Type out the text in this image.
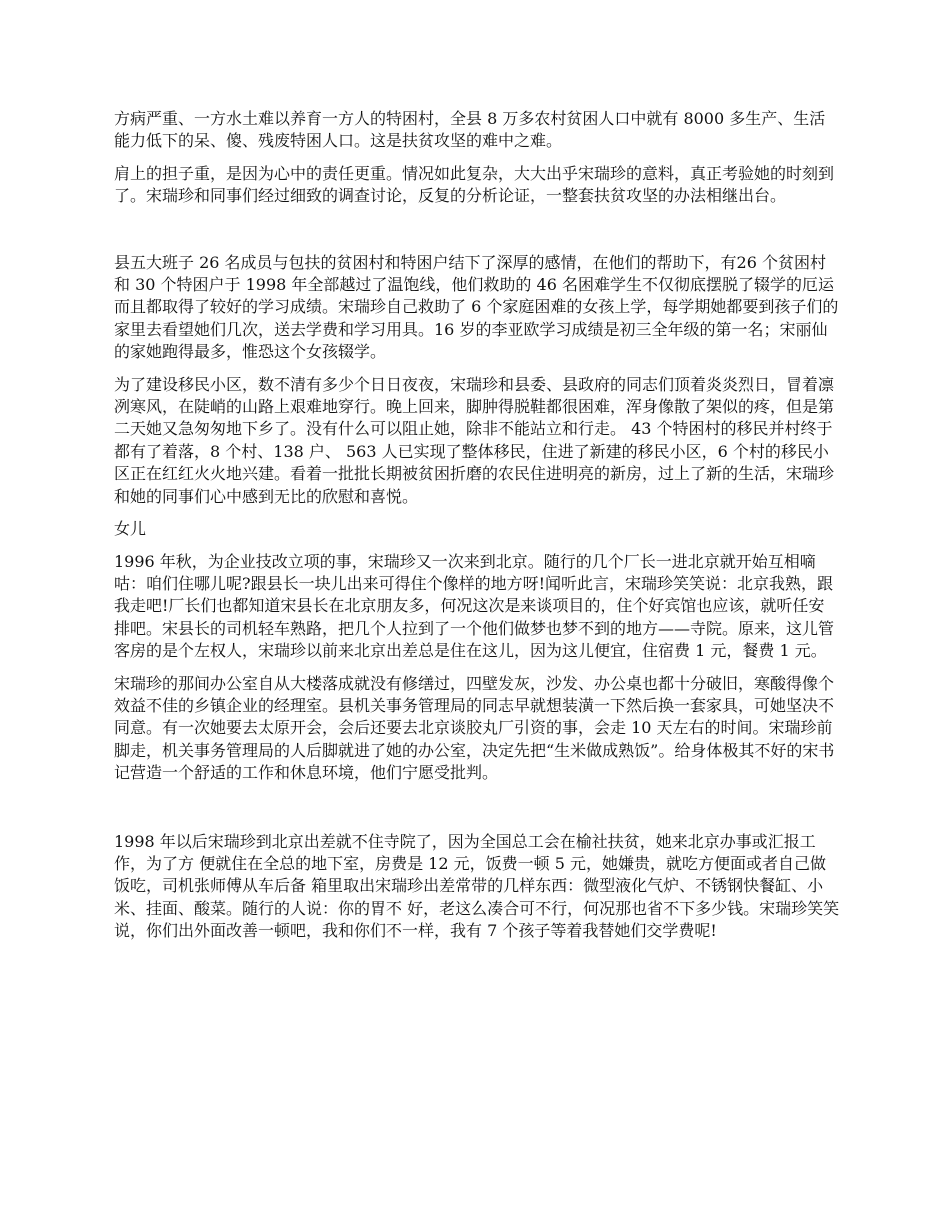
方病严重、一方水土难以养育一方人的特困村，全县 8 万多农村贫困人口中就有 8000 多生产、生活能力低下的呆、傻、残废特困人口。这是扶贫攻坚的难中之难。

肩上的担子重，是因为心中的责任更重。情况如此复杂，大大出乎宋瑞珍的意料，真正考验她的时刻到了。宋瑞珍和同事们经过细致的调查讨论，反复的分析论证，一整套扶贫攻坚的办法相继出台。

县五大班子 26 名成员与包扶的贫困村和特困户结下了深厚的感情，在他们的帮助下，有26 个贫困村和 30 个特困户于 1998 年全部越过了温饱线，他们救助的 46 名困难学生不仅彻底摆脱了辍学的厄运而且都取得了较好的学习成绩。宋瑞珍自己救助了 6 个家庭困难的女孩上学，每学期她都要到孩子们的家里去看望她们几次，送去学费和学习用具。16 岁的李亚欧学习成绩是初三全年级的第一名；宋丽仙的家她跑得最多，惟恐这个女孩辍学。

为了建设移民小区，数不清有多少个日日夜夜，宋瑞珍和县委、县政府的同志们顶着炎炎烈日，冒着凛冽寒风，在陡峭的山路上艰难地穿行。晚上回来，脚肿得脱鞋都很困难，浑身像散了架似的疼，但是第二天她又急匆匆地下乡了。没有什么可以阻止她，除非不能站立和行走。 43 个特困村的移民并村终于都有了着落，8 个村、138 户、 563 人已实现了整体移民，住进了新建的移民小区，6 个村的移民小区正在红红火火地兴建。看着一批批长期被贫困折磨的农民住进明亮的新房，过上了新的生活，宋瑞珍和她的同事们心中感到无比的欣慰和喜悦。

女儿

1996 年秋，为企业技改立项的事，宋瑞珍又一次来到北京。随行的几个厂长一进北京就开始互相嘀咕：咱们住哪儿呢?跟县长一块儿出来可得住个像样的地方呀!闻听此言，宋瑞珍笑笑说：北京我熟，跟我走吧!厂长们也都知道宋县长在北京朋友多，何况这次是来谈项目的，住个好宾馆也应该，就听任安排吧。宋县长的司机轻车熟路，把几个人拉到了一个他们做梦也梦不到的地方——寺院。原来，这儿管客房的是个左权人，宋瑞珍以前来北京出差总是住在这儿，因为这儿便宜，住宿费 1 元，餐费 1 元。

宋瑞珍的那间办公室自从大楼落成就没有修缮过，四壁发灰，沙发、办公桌也都十分破旧，寒酸得像个效益不佳的乡镇企业的经理室。县机关事务管理局的同志早就想装潢一下然后换一套家具，可她坚决不同意。有一次她要去太原开会，会后还要去北京谈胶丸厂引资的事，会走 10 天左右的时间。宋瑞珍前脚走，机关事务管理局的人后脚就进了她的办公室，决定先把“生米做成熟饭”。给身体极其不好的宋书记营造一个舒适的工作和休息环境，他们宁愿受批判。

1998 年以后宋瑞珍到北京出差就不住寺院了，因为全国总工会在榆社扶贫，她来北京办事或汇报工作，为了方 便就住在全总的地下室，房费是 12 元，饭费一顿 5 元，她嫌贵，就吃方便面或者自己做饭吃，司机张师傅从车后备 箱里取出宋瑞珍出差常带的几样东西：微型液化气炉、不锈钢快餐缸、小米、挂面、酸菜。随行的人说：你的胃不 好，老这么凑合可不行，何况那也省不下多少钱。宋瑞珍笑笑说，你们出外面改善一顿吧，我和你们不一样，我有 7 个孩子等着我替她们交学费呢!
